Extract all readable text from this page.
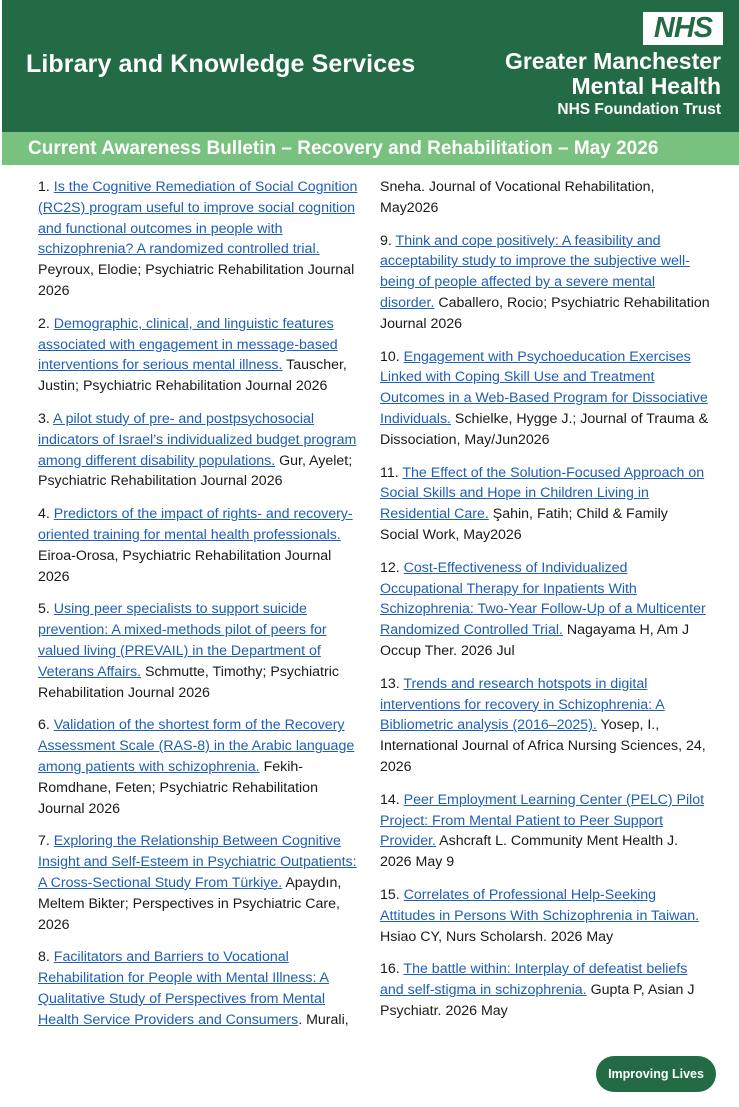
Library and Knowledge Services
NHS
Greater Manchester
Mental Health
NHS Foundation Trust
Current Awareness Bulletin – Recovery and Rehabilitation – May 2026
1. Is the Cognitive Remediation of Social Cognition (RC2S) program useful to improve social cognition and functional outcomes in people with schizophrenia? A randomized controlled trial. Peyroux, Elodie; Psychiatric Rehabilitation Journal 2026
2. Demographic, clinical, and linguistic features associated with engagement in message-based interventions for serious mental illness. Tauscher, Justin; Psychiatric Rehabilitation Journal 2026
3. A pilot study of pre- and postpsychosocial indicators of Israel’s individualized budget program among different disability populations. Gur, Ayelet; Psychiatric Rehabilitation Journal 2026
4. Predictors of the impact of rights- and recovery-oriented training for mental health professionals. Eiroa-Orosa, Psychiatric Rehabilitation Journal 2026
5. Using peer specialists to support suicide prevention: A mixed-methods pilot of peers for valued living (PREVAIL) in the Department of Veterans Affairs. Schmutte, Timothy; Psychiatric Rehabilitation Journal 2026
6. Validation of the shortest form of the Recovery Assessment Scale (RAS-8) in the Arabic language among patients with schizophrenia. Fekih-Romdhane, Feten; Psychiatric Rehabilitation Journal 2026
7. Exploring the Relationship Between Cognitive Insight and Self-Esteem in Psychiatric Outpatients: A Cross-Sectional Study From Türkiye. Apaydın, Meltem Bikter; Perspectives in Psychiatric Care, 2026
8. Facilitators and Barriers to Vocational Rehabilitation for People with Mental Illness: A Qualitative Study of Perspectives from Mental Health Service Providers and Consumers. Murali,
Sneha. Journal of Vocational Rehabilitation, May2026
9. Think and cope positively: A feasibility and acceptability study to improve the subjective well-being of people affected by a severe mental disorder. Caballero, Rocio; Psychiatric Rehabilitation Journal 2026
10. Engagement with Psychoeducation Exercises Linked with Coping Skill Use and Treatment Outcomes in a Web-Based Program for Dissociative Individuals. Schielke, Hygge J.; Journal of Trauma & Dissociation, May/Jun2026
11. The Effect of the Solution-Focused Approach on Social Skills and Hope in Children Living in Residential Care. Şahin, Fatih; Child & Family Social Work, May2026
12. Cost-Effectiveness of Individualized Occupational Therapy for Inpatients With Schizophrenia: Two-Year Follow-Up of a Multicenter Randomized Controlled Trial. Nagayama H, Am J Occup Ther. 2026 Jul
13. Trends and research hotspots in digital interventions for recovery in Schizophrenia: A Bibliometric analysis (2016–2025). Yosep, I., International Journal of Africa Nursing Sciences, 24, 2026
14. Peer Employment Learning Center (PELC) Pilot Project: From Mental Patient to Peer Support Provider. Ashcraft L. Community Ment Health J. 2026 May 9
15. Correlates of Professional Help-Seeking Attitudes in Persons With Schizophrenia in Taiwan. Hsiao CY, Nurs Scholarsh. 2026 May
16. The battle within: Interplay of defeatist beliefs and self-stigma in schizophrenia. Gupta P, Asian J Psychiatr. 2026 May
Improving Lives
